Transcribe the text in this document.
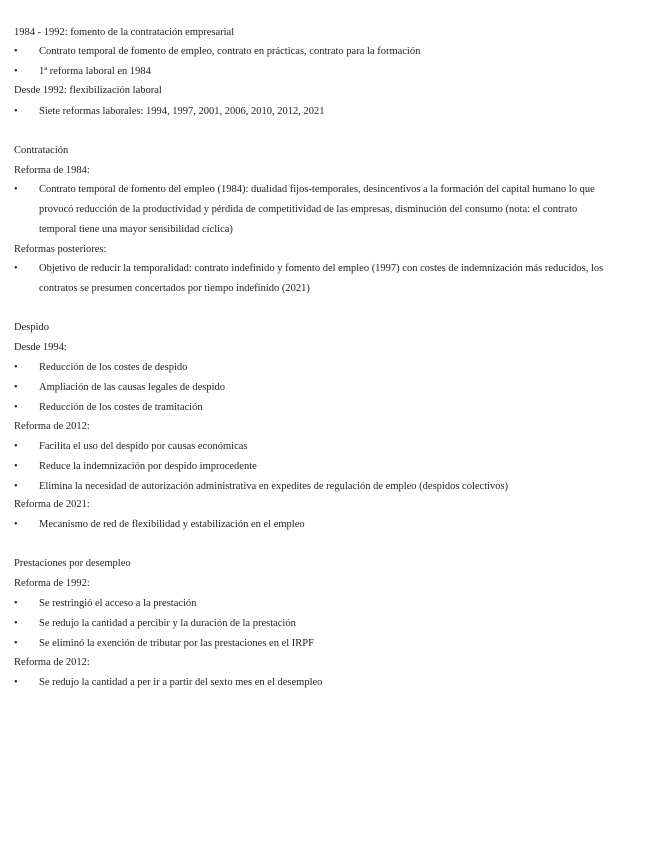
1984 - 1992: fomento de la contratación empresarial
•	Contrato temporal de fomento de empleo, contrato en prácticas, contrato para la formación
•	1ª reforma laboral en 1984
Desde 1992: flexibilización laboral
•	Siete reformas laborales: 1994, 1997, 2001, 2006, 2010, 2012, 2021
Contratación
Reforma de 1984:
•	Contrato temporal de fomento del empleo (1984): dualidad fijos-temporales, desincentivos a la formación del capital humano lo que provocó reducción de la productividad y pérdida de competitividad de las empresas, disminución del consumo (nota: el contrato temporal tiene una mayor sensibilidad cíclica)
Reformas posteriores:
•	Objetivo de reducir la temporalidad: contrato indefinido y fomento del empleo (1997) con costes de indemnización más reducidos, los contratos se presumen concertados por tiempo indefinido (2021)
Despido
Desde 1994:
•	Reducción de los costes de despido
•	Ampliación de las causas legales de despido
•	Reducción de los costes de tramitación
Reforma de 2012:
•	Facilita el uso del despido por causas económicas
•	Reduce la indemnización por despido improcedente
•	Elimina la necesidad de autorización administrativa en expedites de regulación de empleo (despidos colectivos)
Reforma de 2021:
•	Mecanismo de red de flexibilidad y estabilización en el empleo
Prestaciones por desempleo
Reforma de 1992:
•	Se restringió el acceso a la prestación
•	Se redujo la cantidad a percibir y la duración de la prestación
•	Se eliminó la exención de tributar por las prestaciones en el IRPF
Reforma de 2012:
•	Se redujo la cantidad a per ir a partir del sexto mes en el desempleo
